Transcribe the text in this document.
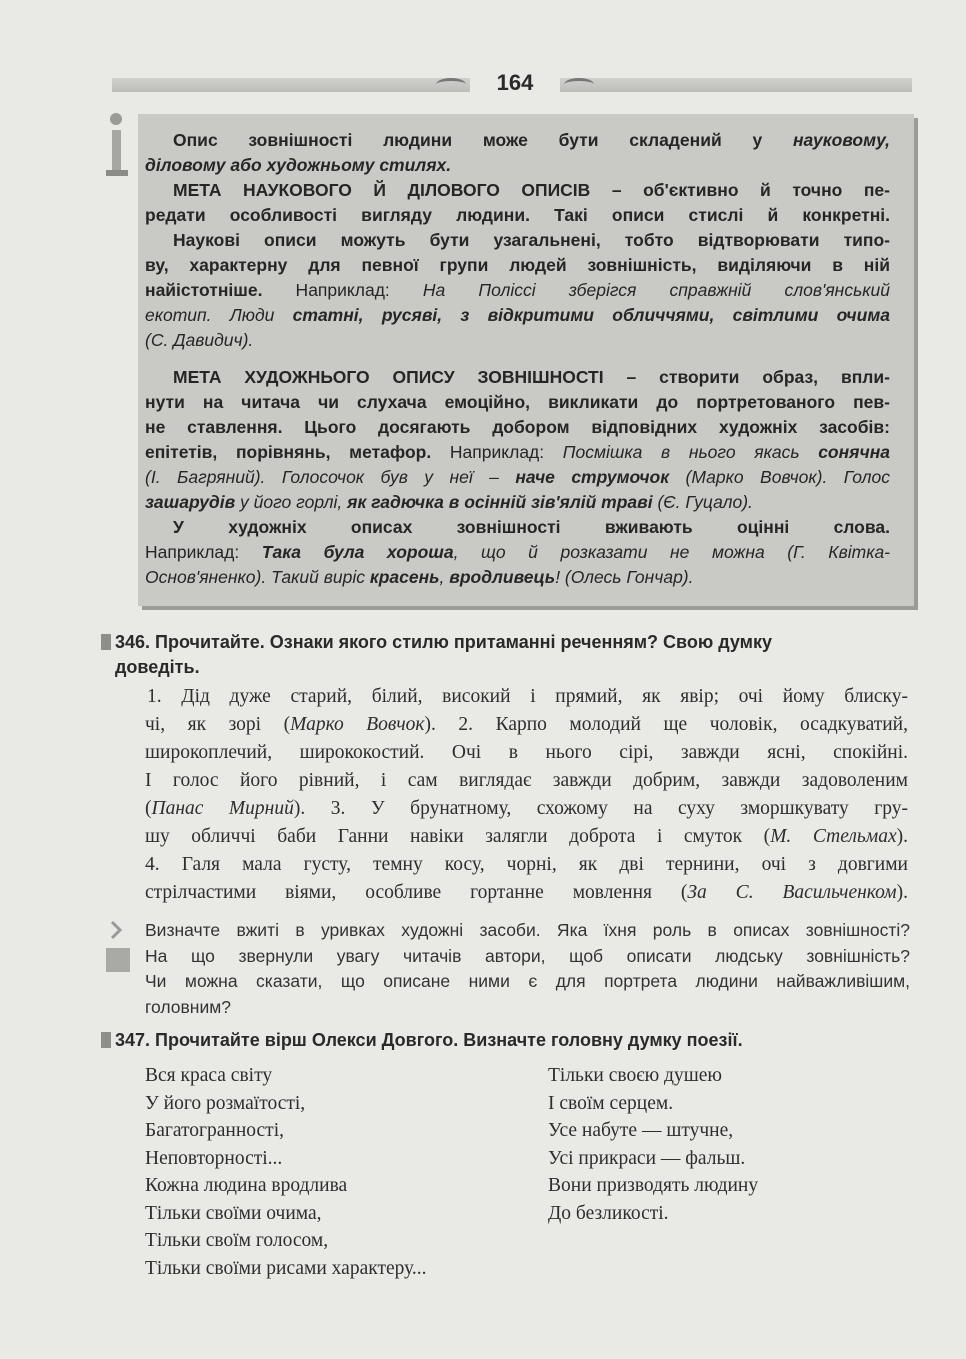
164
Опис зовнішності людини може бути складений у науковому,
діловому або художньому стилях.
МЕТА НАУКОВОГО Й ДІЛОВОГО ОПИСІВ – об'єктивно й точно пе-
редати особливості вигляду людини. Такі описи стислі й конкретні.
Наукові описи можуть бути узагальнені, тобто відтворювати типо-
ву, характерну для певної групи людей зовнішність, виділяючи в ній
найістотніше. Наприклад: На Поліссі зберігся справжній слов'янський
екотип. Люди статні, русяві, з відкритими обличчями, світлими очима
(С. Давидич).
МЕТА ХУДОЖНЬОГО ОПИСУ ЗОВНІШНОСТІ – створити образ, впли-
нути на читача чи слухача емоційно, викликати до портретованого пев-
не ставлення. Цього досягають добором відповідних художніх засобів:
епітетів, порівнянь, метафор. Наприклад: Посмішка в нього якась сонячна
(І. Багряний). Голосочок був у неї – наче струмочок (Марко Вовчок). Голос
зашарудів у його горлі, як гадючка в осінній зів'ялій траві (Є. Гуцало).
У художніх описах зовнішності вживають оцінні слова.
Наприклад: Така була хороша, що й розказати не можна (Г. Квітка-
Основ'яненко). Такий виріс красень, вродливець! (Олесь Гончар).
346. Прочитайте. Ознаки якого стилю притаманні реченням? Свою думку
доведіть.
1. Дід дуже старий, білий, високий і прямий, як явір; очі йому блиску-
чі, як зорі (Марко Вовчок). 2. Карпо молодий ще чоловік, осадкуватий,
широкоплечий, ширококостий. Очі в нього сірі, завжди ясні, спокійні.
І голос його рівний, і сам виглядає завжди добрим, завжди задоволеним
(Панас Мирний). 3. У брунатному, схожому на суху зморшкувату гру-
шу обличчі баби Ганни навіки залягли доброта і смуток (М. Стельмах).
4. Галя мала густу, темну косу, чорні, як дві тернини, очі з довгими
стрілчастими віями, особливе гортанне мовлення (За С. Васильченком).
Визначте вжиті в уривках художні засоби. Яка їхня роль в описах зовнішності?
На що звернули увагу читачів автори, щоб описати людську зовнішність?
Чи можна сказати, що описане ними є для портрета людини найважливішим,
головним?
347. Прочитайте вірш Олекси Довгого. Визначте головну думку поезії.
Вся краса світу
У його розмаїтості,
Багатогранності,
Неповторності...
Кожна людина вродлива
Тільки своїми очима,
Тільки своїм голосом,
Тільки своїми рисами характеру...
Тільки своєю душею
І своїм серцем.
Усе набуте — штучне,
Усі прикраси — фальш.
Вони призводять людину
До безликості.
